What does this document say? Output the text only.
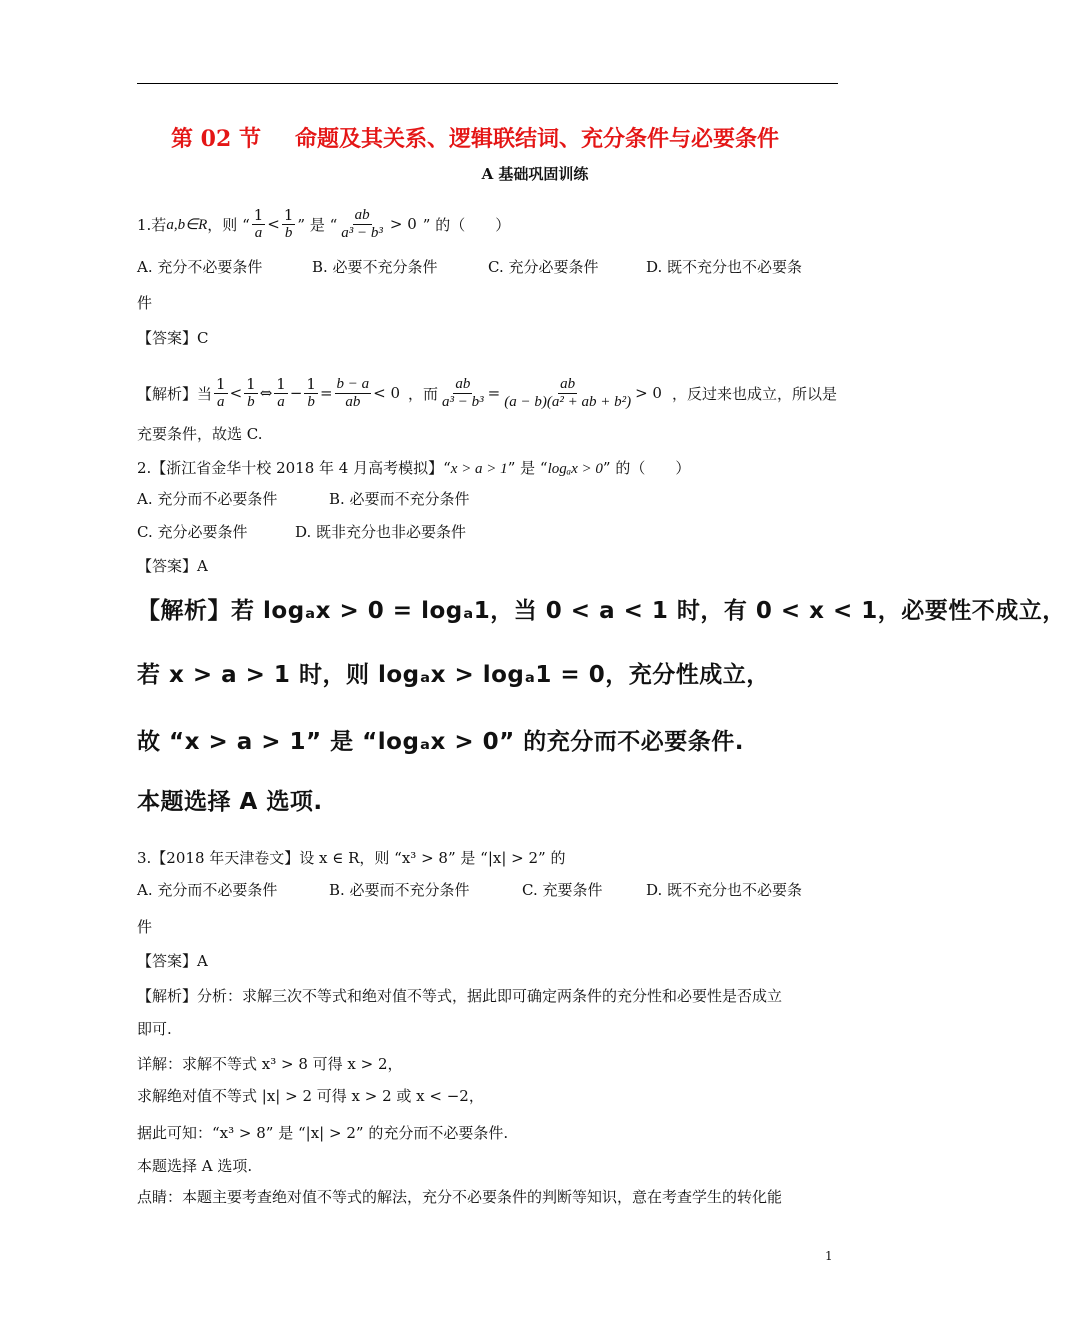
第 02 节 命题及其关系、逻辑联结词、充分条件与必要条件
A 基础巩固训练
1.若 a,b∈R ，则 “ $\frac{1}{a} < \frac{1}{b}$ ” 是 “ $\frac{ab}{\text{a³ − b³}} > 0$ ” 的（　　）
A. 充分不必要条件	B. 必要不充分条件	C. 充分必要条件	D. 既不充分也不必要条
件
【答案】C
【解析】当 $\frac{1}{a} < \frac{1}{b}$ ⇔ $\frac{1}{a} - \frac{1}{b} = \frac{b - a}{ab} < 0$ ，而 $\frac{ab}{\text{a³ − b³}} = \frac{ab}{\text{(a − b)(a² + ab + b²)}} > 0$ ，反过来也成立，所以是
充要条件，故选 C.
2.【浙江省金华十校 2018 年 4 月高考模拟】“x > a > 1” 是 “logₐx > 0” 的（　　）
A. 充分而不必要条件	B. 必要而不充分条件
C. 充分必要条件	D. 既非充分也非必要条件
【答案】A
【解析】若 logₐx > 0 = logₐ1，当 0 < a < 1 时，有 0 < x < 1，必要性不成立，
若 x > a > 1 时，则 logₐx > logₐ1 = 0，充分性成立，
故 “x > a > 1” 是 “logₐx > 0” 的充分而不必要条件.
本题选择 A 选项.
3.【2018 年天津卷文】设 x ∈ R，则 “x³ > 8” 是 “|x| > 2” 的
A. 充分而不必要条件	B. 必要而不充分条件	C. 充要条件	D. 既不充分也不必要条
件
【答案】A
【解析】分析：求解三次不等式和绝对值不等式，据此即可确定两条件的充分性和必要性是否成立
即可.
详解：求解不等式 x³ > 8 可得 x > 2，
求解绝对值不等式 |x| > 2 可得 x > 2 或 x < −2，
据此可知：“x³ > 8” 是 “|x| > 2” 的充分而不必要条件.
本题选择 A 选项.
点睛：本题主要考查绝对值不等式的解法，充分不必要条件的判断等知识，意在考查学生的转化能
1
